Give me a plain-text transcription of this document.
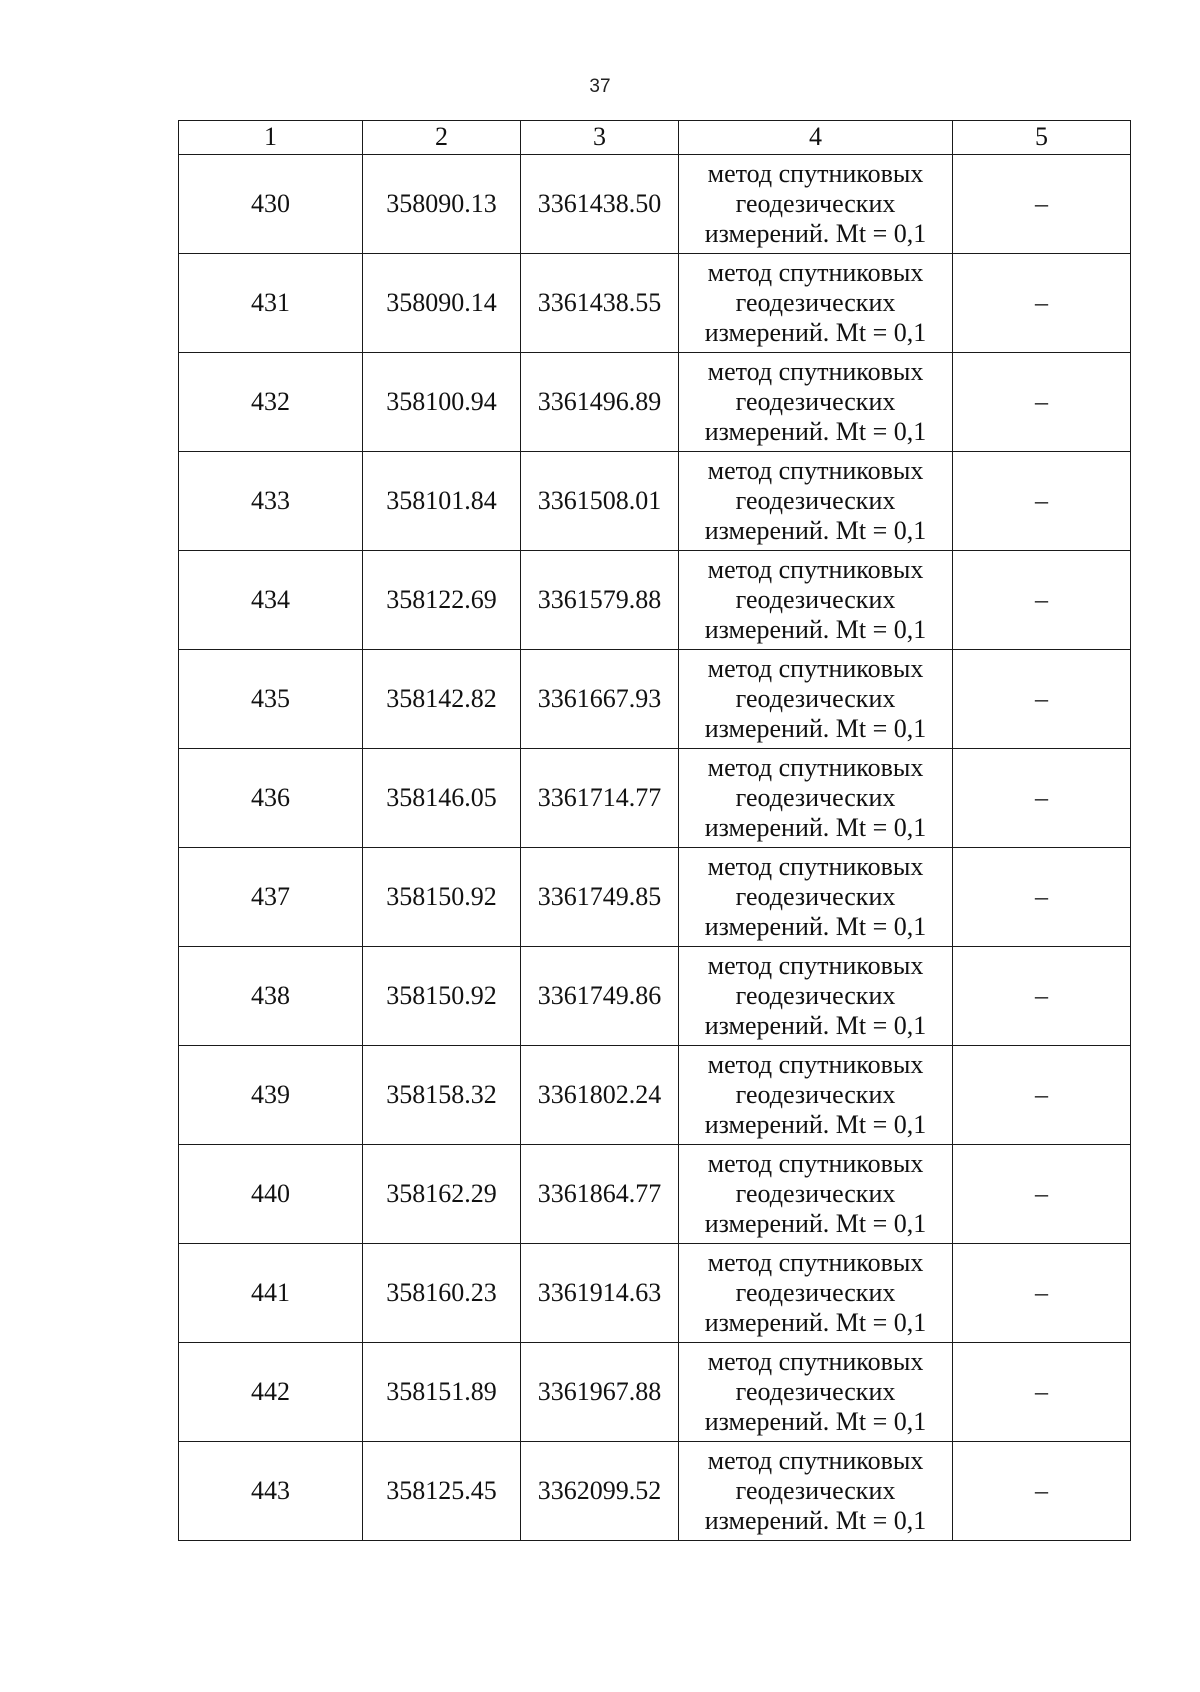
37
1	2	3	4	5
430	358090.13	3361438.50	метод спутниковых
геодезических
измерений. Mt = 0,1	–
431	358090.14	3361438.55	метод спутниковых
геодезических
измерений. Mt = 0,1	–
432	358100.94	3361496.89	метод спутниковых
геодезических
измерений. Mt = 0,1	–
433	358101.84	3361508.01	метод спутниковых
геодезических
измерений. Mt = 0,1	–
434	358122.69	3361579.88	метод спутниковых
геодезических
измерений. Mt = 0,1	–
435	358142.82	3361667.93	метод спутниковых
геодезических
измерений. Mt = 0,1	–
436	358146.05	3361714.77	метод спутниковых
геодезических
измерений. Mt = 0,1	–
437	358150.92	3361749.85	метод спутниковых
геодезических
измерений. Mt = 0,1	–
438	358150.92	3361749.86	метод спутниковых
геодезических
измерений. Mt = 0,1	–
439	358158.32	3361802.24	метод спутниковых
геодезических
измерений. Mt = 0,1	–
440	358162.29	3361864.77	метод спутниковых
геодезических
измерений. Mt = 0,1	–
441	358160.23	3361914.63	метод спутниковых
геодезических
измерений. Mt = 0,1	–
442	358151.89	3361967.88	метод спутниковых
геодезических
измерений. Mt = 0,1	–
443	358125.45	3362099.52	метод спутниковых
геодезических
измерений. Mt = 0,1	–
